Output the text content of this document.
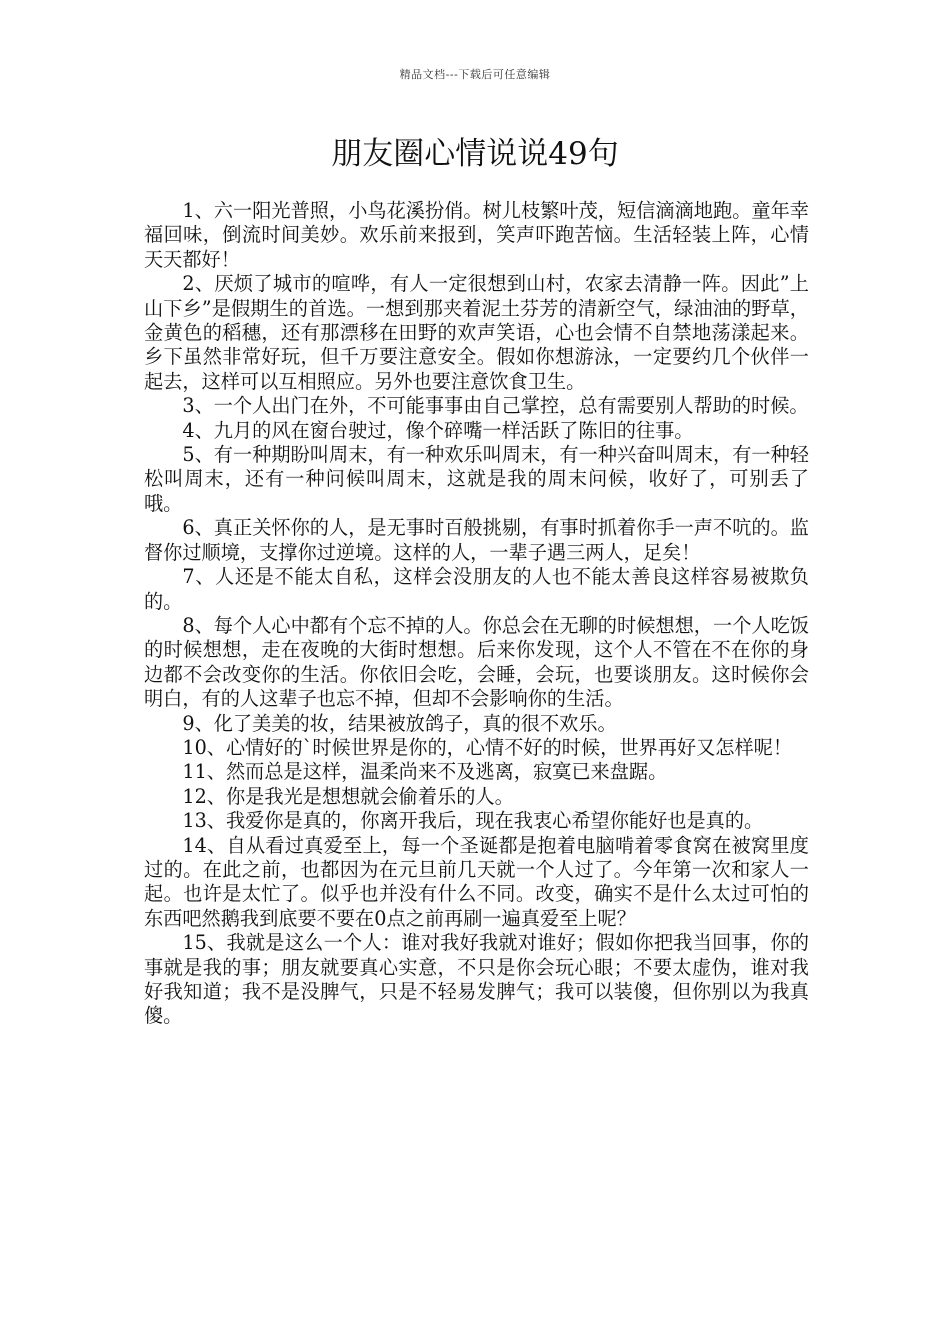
精品文档---下载后可任意编辑
朋友圈心情说说49句

1、六一阳光普照，小鸟花溪扮俏。树儿枝繁叶茂，短信滴滴地跑。童年幸福回味，倒流时间美妙。欢乐前来报到，笑声吓跑苦恼。生活轻装上阵，心情天天都好！

2、厌烦了城市的喧哗，有人一定很想到山村，农家去清静一阵。因此”上山下乡”是假期生的首选。一想到那夹着泥土芬芳的清新空气，绿油油的野草，金黄色的稻穗，还有那漂移在田野的欢声笑语，心也会情不自禁地荡漾起来。乡下虽然非常好玩，但千万要注意安全。假如你想游泳，一定要约几个伙伴一起去，这样可以互相照应。另外也要注意饮食卫生。

3、一个人出门在外，不可能事事由自己掌控，总有需要别人帮助的时候。

4、九月的风在窗台驶过，像个碎嘴一样活跃了陈旧的往事。

5、有一种期盼叫周末，有一种欢乐叫周末，有一种兴奋叫周末，有一种轻松叫周末，还有一种问候叫周末，这就是我的周末问候，收好了，可别丢了哦。

6、真正关怀你的人，是无事时百般挑剔，有事时抓着你手一声不吭的。监督你过顺境，支撑你过逆境。这样的人，一辈子遇三两人，足矣！

7、人还是不能太自私，这样会没朋友的人也不能太善良这样容易被欺负的。

8、每个人心中都有个忘不掉的人。你总会在无聊的时候想想，一个人吃饭的时候想想，走在夜晚的大街时想想。后来你发现，这个人不管在不在你的身边都不会改变你的生活。你依旧会吃，会睡，会玩，也要谈朋友。这时候你会明白，有的人这辈子也忘不掉，但却不会影响你的生活。

9、化了美美的妆，结果被放鸽子，真的很不欢乐。

10、心情好的`时候世界是你的，心情不好的时候，世界再好又怎样呢！

11、然而总是这样，温柔尚来不及逃离，寂寞已来盘踞。

12、你是我光是想想就会偷着乐的人。

13、我爱你是真的，你离开我后，现在我衷心希望你能好也是真的。

14、自从看过真爱至上，每一个圣诞都是抱着电脑啃着零食窝在被窝里度过的。在此之前，也都因为在元旦前几天就一个人过了。今年第一次和家人一起。也许是太忙了。似乎也并没有什么不同。改变，确实不是什么太过可怕的东西吧然鹅我到底要不要在0点之前再刷一遍真爱至上呢？

15、我就是这么一个人：谁对我好我就对谁好；假如你把我当回事，你的事就是我的事；朋友就要真心实意，不只是你会玩心眼；不要太虚伪，谁对我好我知道；我不是没脾气，只是不轻易发脾气；我可以装傻，但你别以为我真傻。
